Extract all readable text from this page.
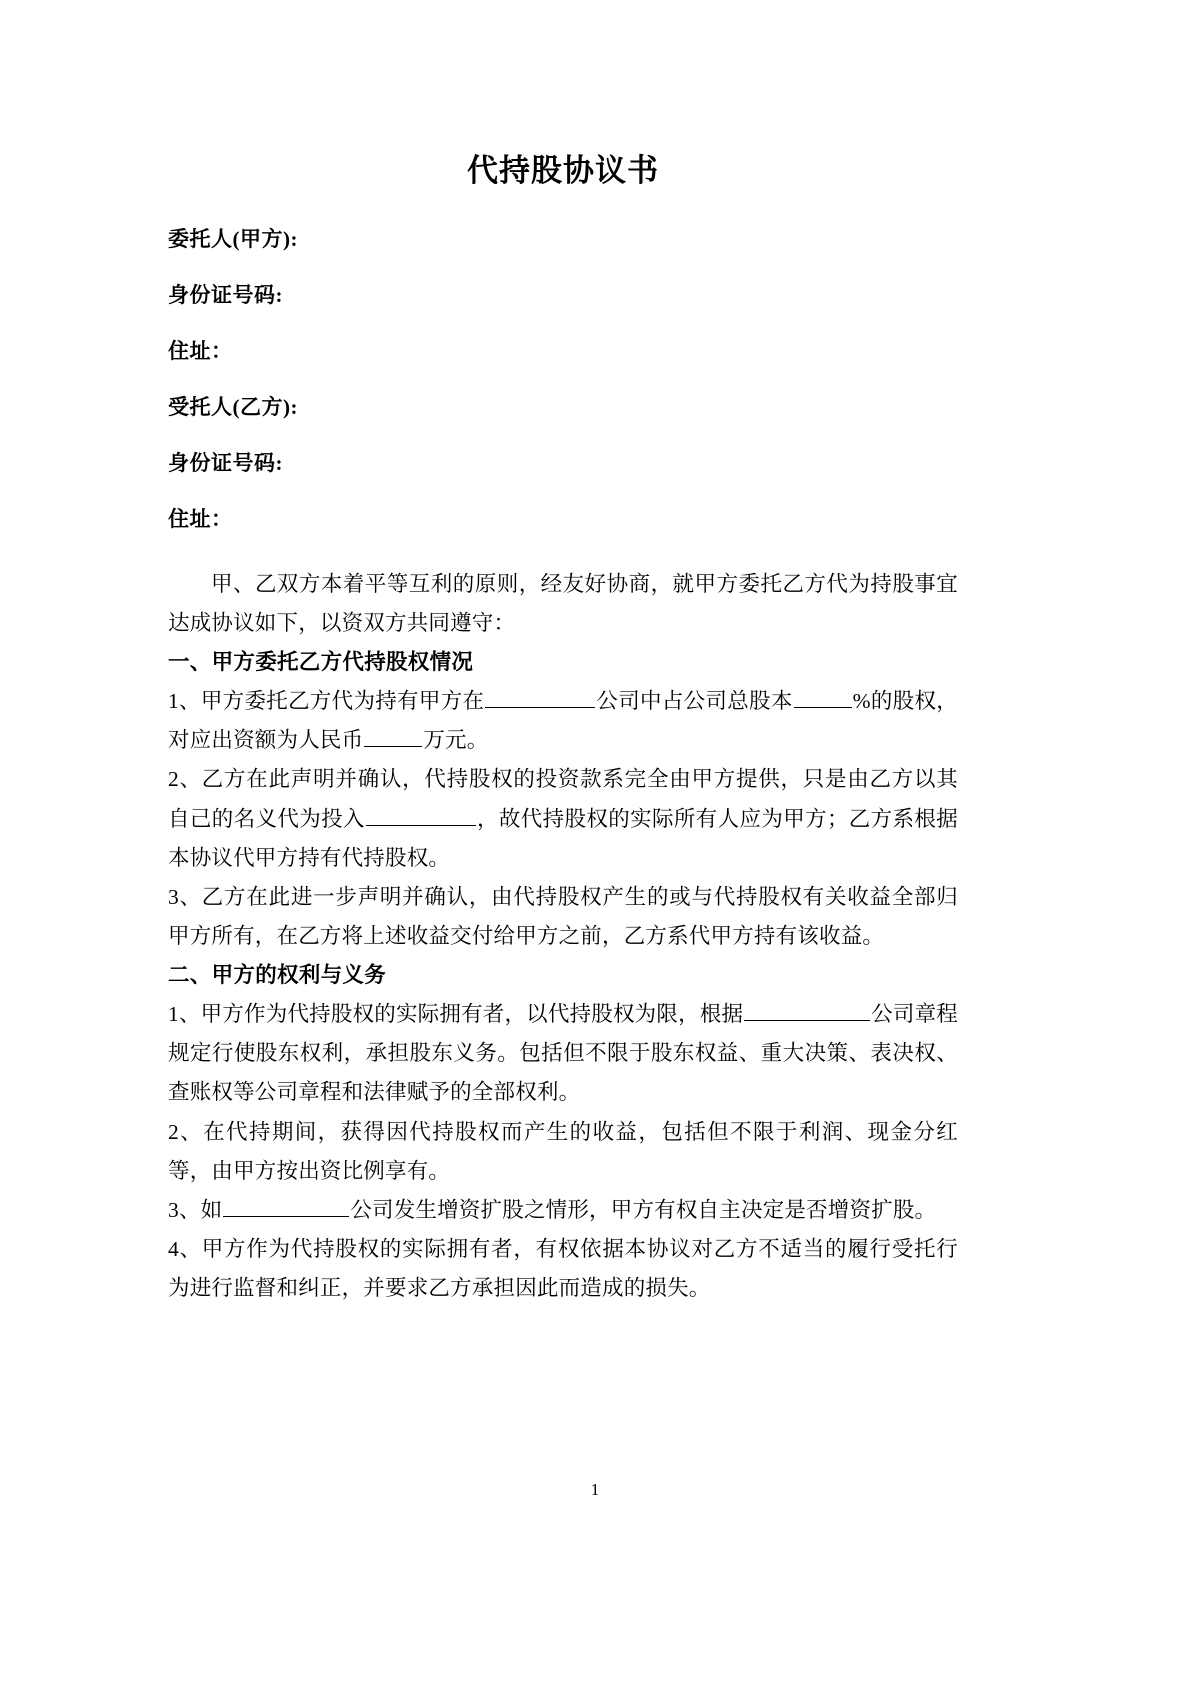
代持股协议书

委托人(甲方):

身份证号码:

住址：

受托人(乙方):

身份证号码:

住址：

甲、乙双方本着平等互利的原则，经友好协商，就甲方委托乙方代为持股事宜达成协议如下，以资双方共同遵守：

一、甲方委托乙方代持股权情况

1、甲方委托乙方代为持有甲方在	公司中占公司总股本	%的股权，对应出资额为人民币	万元。

2、乙方在此声明并确认，代持股权的投资款系完全由甲方提供，只是由乙方以其自己的名义代为投入	，故代持股权的实际所有人应为甲方；乙方系根据本协议代甲方持有代持股权。

3、乙方在此进一步声明并确认，由代持股权产生的或与代持股权有关收益全部归甲方所有，在乙方将上述收益交付给甲方之前，乙方系代甲方持有该收益。

二、甲方的权利与义务

1、甲方作为代持股权的实际拥有者，以代持股权为限，根据	公司章程规定行使股东权利，承担股东义务。包括但不限于股东权益、重大决策、表决权、查账权等公司章程和法律赋予的全部权利。

2、在代持期间，获得因代持股权而产生的收益，包括但不限于利润、现金分红等，由甲方按出资比例享有。

3、如	公司发生增资扩股之情形，甲方有权自主决定是否增资扩股。

4、甲方作为代持股权的实际拥有者，有权依据本协议对乙方不适当的履行受托行为进行监督和纠正，并要求乙方承担因此而造成的损失。

1
